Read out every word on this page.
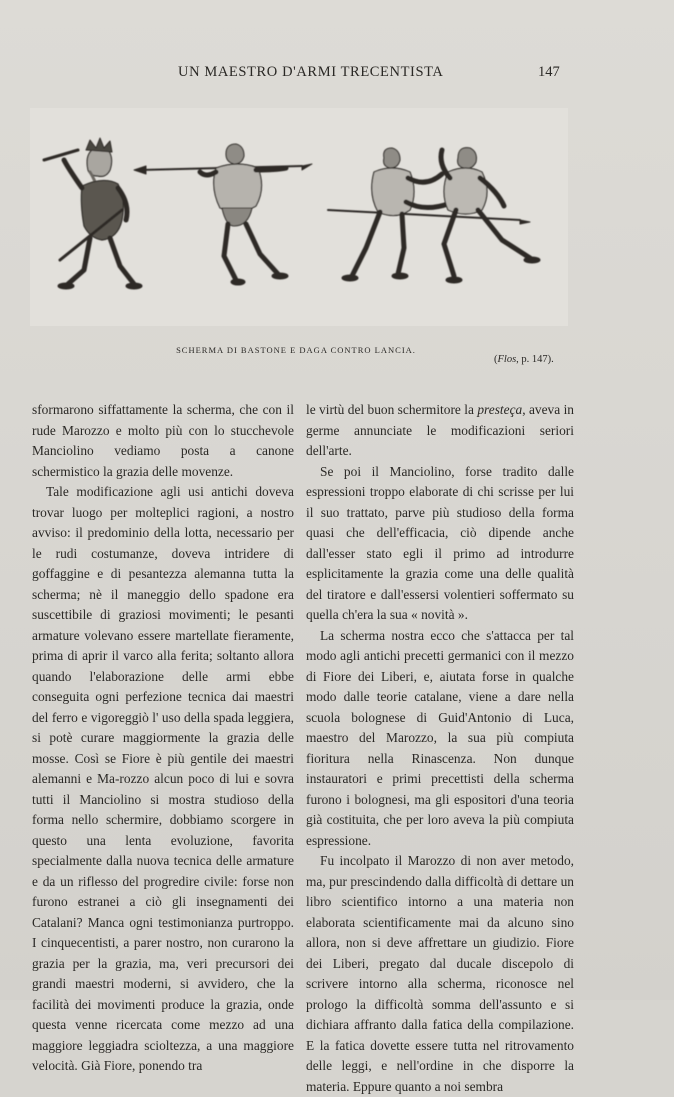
UN MAESTRO D'ARMI TRECENTISTA	147
SCHERMA DI BASTONE E DAGA CONTRO LANCIA.
(Flos, p. 147).

sformarono siffattamente la scherma, che con il rude Marozzo e molto più con lo stucchevole Manciolino vediamo posta a canone schermistico la grazia delle movenze.

Tale modificazione agli usi antichi doveva trovar luogo per molteplici ragioni, a nostro avviso: il predominio della lotta, necessario per le rudi costumanze, doveva intridere di goffaggine e di pesantezza alemanna tutta la scherma; nè il maneggio dello spadone era suscettibile di graziosi movimenti; le pesanti armature volevano essere martellate fieramente, prima di aprir il varco alla ferita; soltanto allora quando l'elaborazione delle armi ebbe conseguita ogni perfezione tecnica dai maestri del ferro e vigoreggiò l' uso della spada leggiera, si potè curare maggiormente la grazia delle mosse. Così se Fiore è più gentile dei maestri alemanni e Ma-rozzo alcun poco di lui e sovra tutti il Manciolino si mostra studioso della forma nello schermire, dobbiamo scorgere in questo una lenta evoluzione, favorita specialmente dalla nuova tecnica delle armature e da un riflesso del progredire civile: forse non furono estranei a ciò gli insegnamenti dei Catalani? Manca ogni testimonianza purtroppo. I cinquecentisti, a parer nostro, non curarono la grazia per la grazia, ma, veri precursori dei grandi maestri moderni, si avvidero, che la facilità dei movimenti produce la grazia, onde questa venne ricercata come mezzo ad una maggiore leggiadra scioltezza, a una maggiore velocità. Già Fiore, ponendo tra

le virtù del buon schermitore la presteça, aveva in germe annunciate le modificazioni seriori dell'arte.

Se poi il Manciolino, forse tradito dalle espressioni troppo elaborate di chi scrisse per lui il suo trattato, parve più studioso della forma quasi che dell'efficacia, ciò dipende anche dall'esser stato egli il primo ad introdurre esplicitamente la grazia come una delle qualità del tiratore e dall'essersi volentieri soffermato su quella ch'era la sua « novità ».

La scherma nostra ecco che s'attacca per tal modo agli antichi precetti germanici con il mezzo di Fiore dei Liberi, e, aiutata forse in qualche modo dalle teorie catalane, viene a dare nella scuola bolognese di Guid'Antonio di Luca, maestro del Marozzo, la sua più compiuta fioritura nella Rinascenza. Non dunque instauratori e primi precettisti della scherma furono i bolognesi, ma gli espositori d'una teoria già costituita, che per loro aveva la più compiuta espressione.

Fu incolpato il Marozzo di non aver metodo, ma, pur prescindendo dalla difficoltà di dettare un libro scientifico intorno a una materia non elaborata scientificamente mai da alcuno sino allora, non si deve affrettare un giudizio. Fiore dei Liberi, pregato dal ducale discepolo di scrivere intorno alla scherma, riconosce nel prologo la difficoltà somma dell'assunto e si dichiara affranto dalla fatica della compilazione. E la fatica dovette essere tutta nel ritrovamento delle leggi, e nell'ordine in che disporre la materia. Eppure quanto a noi sembra
